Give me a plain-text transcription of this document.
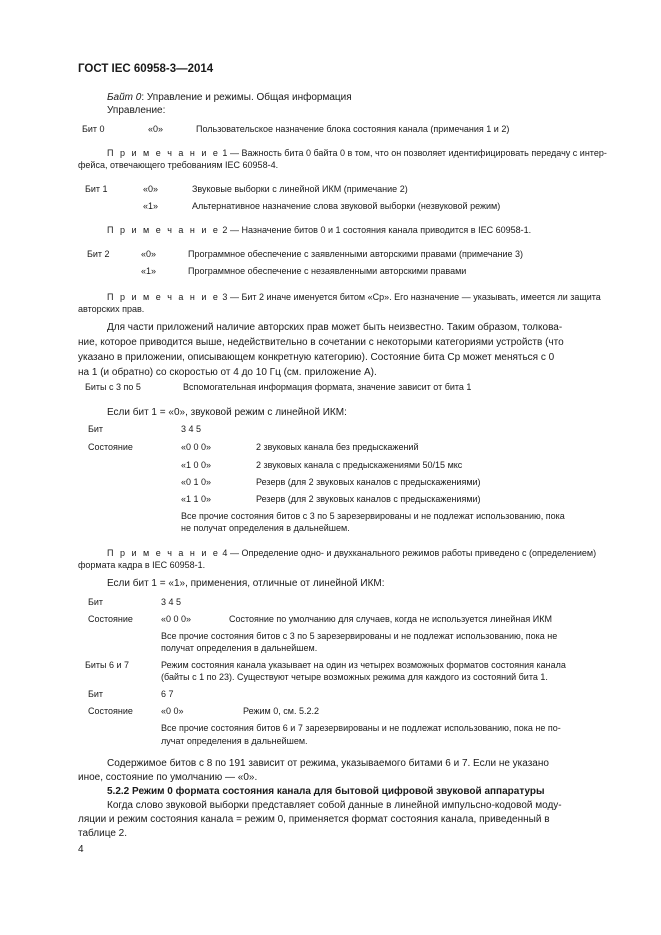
ГОСТ IEC 60958-3—2014
Байт 0: Управление и режимы. Общая информация
Управление:
Бит 0	«0»	Пользовательское назначение блока состояния канала (примечания 1 и 2)
П р и м е ч а н и е 1 — Важность бита 0 байта 0 в том, что он позволяет идентифицировать передачу с интер-
фейса, отвечающего требованиям IEC 60958-4.
Бит 1	«0»	Звуковые выборки с линейной ИКМ (примечание 2)
«1»	Альтернативное назначение слова звуковой выборки (незвуковой режим)
П р и м е ч а н и е 2 — Назначение битов 0 и 1 состояния канала приводится в IEC 60958-1.
Бит 2	«0»	Программное обеспечение с заявленными авторскими правами (примечание 3)
«1»	Программное обеспечение с незаявленными авторскими правами
П р и м е ч а н и е 3 — Бит 2 иначе именуется битом «Cp». Его назначение — указывать, имеется ли защита
авторских прав.
Для части приложений наличие авторских прав может быть неизвестно. Таким образом, толкова-
ние, которое приводится выше, недействительно в сочетании с некоторыми категориями устройств (что
указано в приложении, описывающем конкретную категорию). Состояние бита Cp может меняться с 0
на 1 (и обратно) со скоростью от 4 до 10 Гц (см. приложение A).
Биты с 3 по 5	Вспомогательная информация формата, значение зависит от бита 1
Если бит 1 = «0», звуковой режим с линейной ИКМ:
Бит	3 4 5
Состояние	«0 0 0»	2 звуковых канала без предыскажений
«1 0 0»	2 звуковых канала с предыскажениями 50/15 мкс
«0 1 0»	Резерв (для 2 звуковых каналов с предыскажениями)
«1 1 0»	Резерв (для 2 звуковых каналов с предыскажениями)
Все прочие состояния битов с 3 по 5 зарезервированы и не подлежат использованию, пока
не получат определения в дальнейшем.
П р и м е ч а н и е 4 — Определение одно- и двухканального режимов работы приведено с (определением)
формата кадра в IEC 60958-1.
Если бит 1 = «1», применения, отличные от линейной ИКМ:
Бит	3 4 5
Состояние	«0 0 0»	Состояние по умолчанию для случаев, когда не используется линейная ИКМ
Все прочие состояния битов с 3 по 5 зарезервированы и не подлежат использованию, пока не
получат определения в дальнейшем.
Биты 6 и 7	Режим состояния канала указывает на один из четырех возможных форматов состояния канала
(байты с 1 по 23). Существуют четыре возможных режима для каждого из состояний бита 1.
Бит	6 7
Состояние	«0 0»	Режим 0, см. 5.2.2
Все прочие состояния битов 6 и 7 зарезервированы и не подлежат использованию, пока не по-
лучат определения в дальнейшем.
Содержимое битов с 8 по 191 зависит от режима, указываемого битами 6 и 7. Если не указано
иное, состояние по умолчанию — «0».
5.2.2 Режим 0 формата состояния канала для бытовой цифровой звуковой аппаратуры
Когда слово звуковой выборки представляет собой данные в линейной импульсно-кодовой моду-
ляции и режим состояния канала = режим 0, применяется формат состояния канала, приведенный в
таблице 2.
4
